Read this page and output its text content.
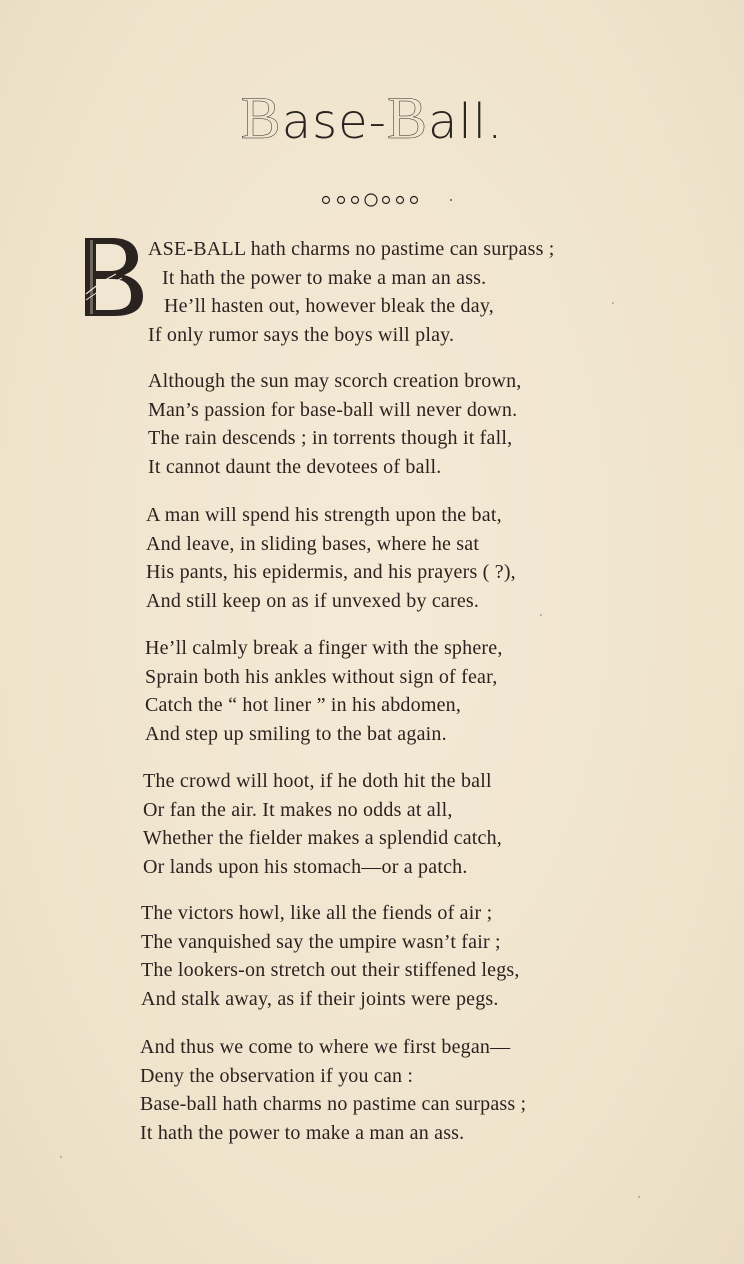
Base-Ball.
ASE-BALL hath charms no pastime can surpass ;
It hath the power to make a man an ass.
He’ll hasten out, however bleak the day,
If only rumor says the boys will play.
Although the sun may scorch creation brown,
Man’s passion for base-ball will never down.
The rain descends ; in torrents though it fall,
It cannot daunt the devotees of ball.
A man will spend his strength upon the bat,
And leave, in sliding bases, where he sat
His pants, his epidermis, and his prayers ( ?),
And still keep on as if unvexed by cares.
He’ll calmly break a finger with the sphere,
Sprain both his ankles without sign of fear,
Catch the “ hot liner ” in his abdomen,
And step up smiling to the bat again.
The crowd will hoot, if he doth hit the ball
Or fan the air. It makes no odds at all,
Whether the fielder makes a splendid catch,
Or lands upon his stomach—or a patch.
The victors howl, like all the fiends of air ;
The vanquished say the umpire wasn’t fair ;
The lookers-on stretch out their stiffened legs,
And stalk away, as if their joints were pegs.
And thus we come to where we first began—
Deny the observation if you can :
Base-ball hath charms no pastime can surpass ;
It hath the power to make a man an ass.
